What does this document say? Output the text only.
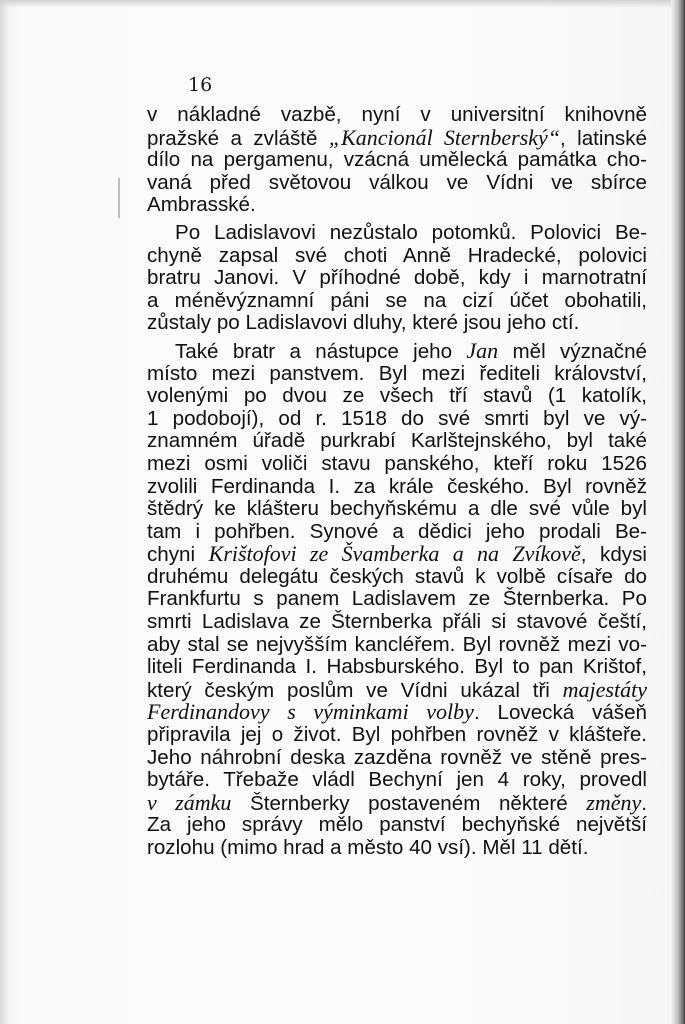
16
v nákladné vazbě, nyní v universitní knihovně
pražské a zvláště „Kancionál Sternberský“, latinské
dílo na pergamenu, vzácná umělecká památka cho-
vaná před světovou válkou ve Vídni ve sbírce
Ambrasské.
Po Ladislavovi nezůstalo potomků. Polovici Be-
chyně zapsal své choti Anně Hradecké, polovici
bratru Janovi. V příhodné době, kdy i marnotratní
a méněvýznamní páni se na cizí účet obohatili,
zůstaly po Ladislavovi dluhy, které jsou jeho ctí.
Také bratr a nástupce jeho Jan měl význačné
místo mezi panstvem. Byl mezi řediteli království,
volenými po dvou ze všech tří stavů (1 katolík,
1 podobojí), od r. 1518 do své smrti byl ve vý-
znamném úřadě purkrabí Karlštejnského, byl také
mezi osmi voliči stavu panského, kteří roku 1526
zvolili Ferdinanda I. za krále českého. Byl rovněž
štědrý ke klášteru bechyňskému a dle své vůle byl
tam i pohřben. Synové a dědici jeho prodali Be-
chyni Krištofovi ze Švamberka a na Zvíkově, kdysi
druhému delegátu českých stavů k volbě císaře do
Frankfurtu s panem Ladislavem ze Šternberka. Po
smrti Ladislava ze Šternberka přáli si stavové čeští,
aby stal se nejvyšším kancléřem. Byl rovněž mezi vo-
liteli Ferdinanda I. Habsburského. Byl to pan Krištof,
který českým poslům ve Vídni ukázal tři majestáty
Ferdinandovy s výminkami volby. Lovecká vášeň
připravila jej o život. Byl pohřben rovněž v klášteře.
Jeho náhrobní deska zazděna rovněž ve stěně pres-
bytáře. Třebaže vládl Bechyní jen 4 roky, provedl
v zámku Šternberky postaveném některé změny.
Za jeho správy mělo panství bechyňské největší
rozlohu (mimo hrad a město 40 vsí). Měl 11 dětí.
